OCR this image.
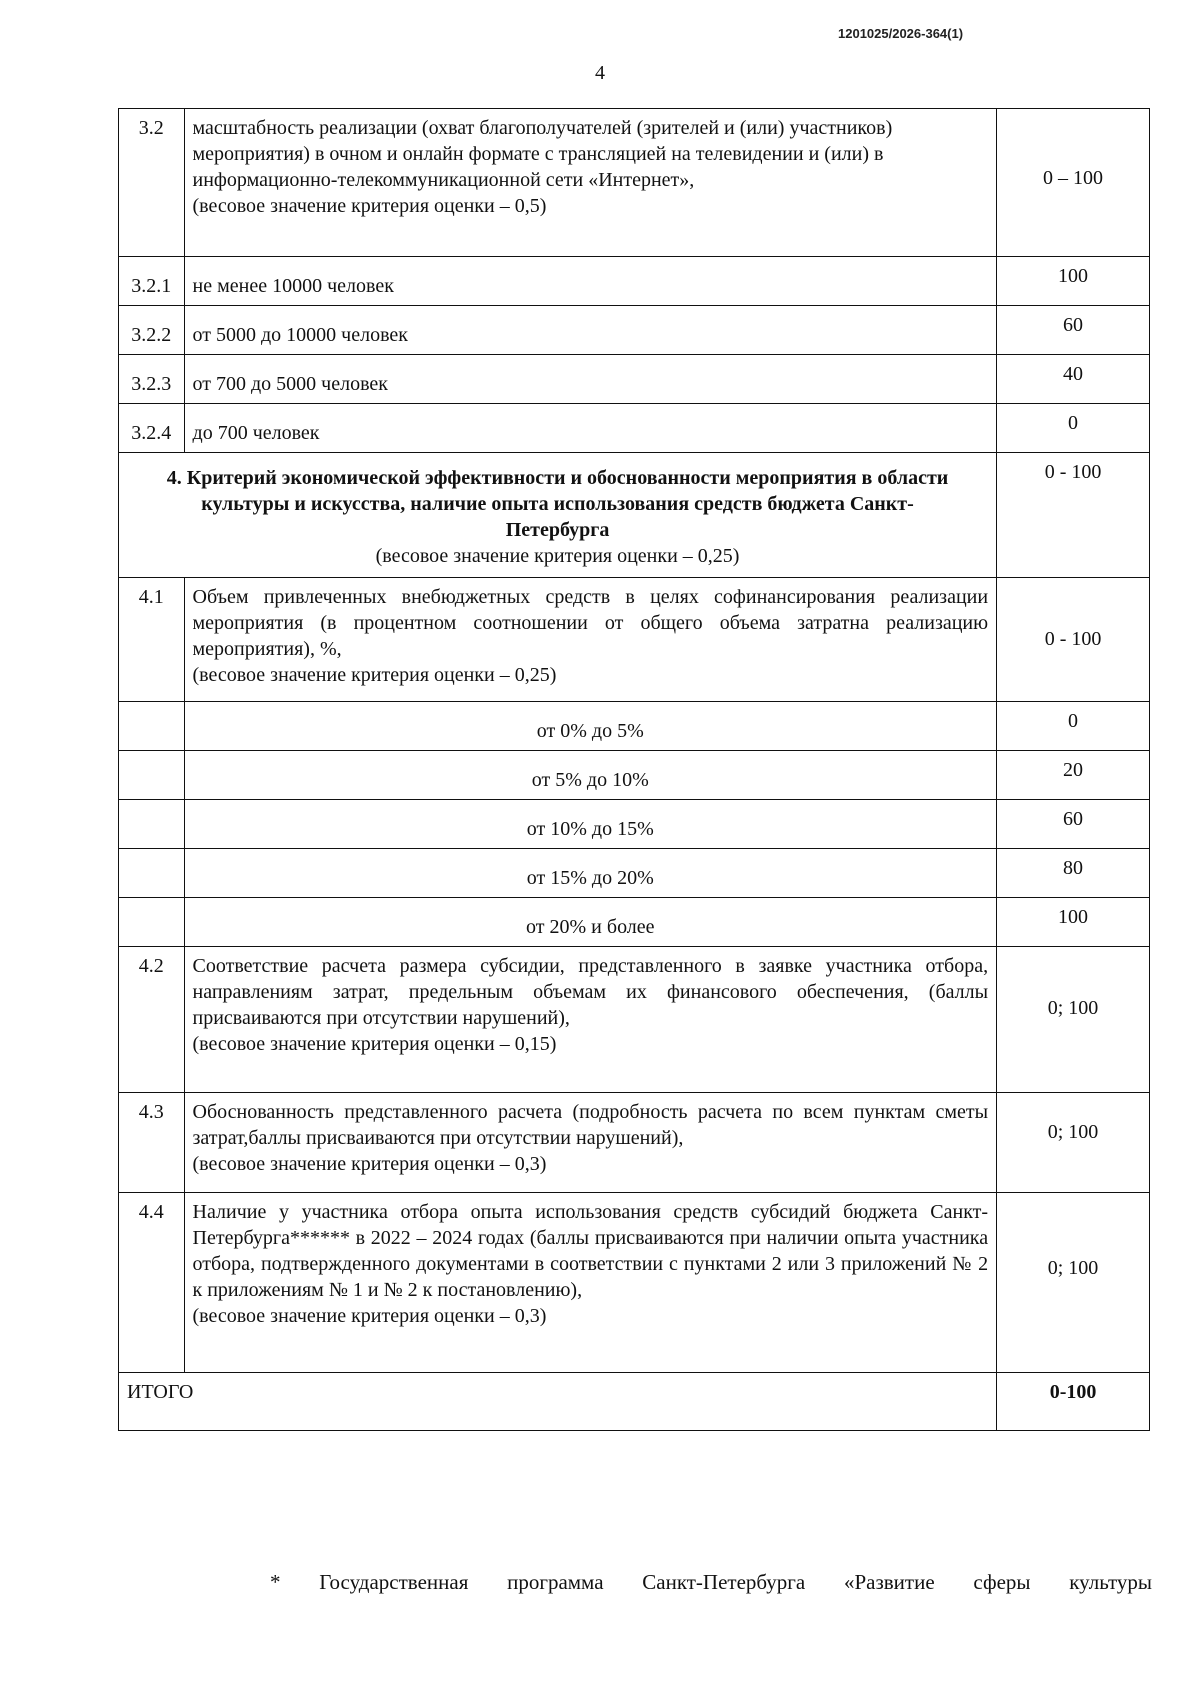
1201025/2026-364(1)
4
3.2	масштабность реализации (охват благополучателей (зрителей и (или) участников) мероприятия) в очном и онлайн формате с трансляцией на телевидении и (или) в информационно-телекоммуникационной сети «Интернет»,
(весовое значение критерия оценки – 0,5)	0 – 100
3.2.1	не менее 10000 человек	100
3.2.2	от 5000 до 10000 человек	60
3.2.3	от 700 до 5000 человек	40
3.2.4	до 700 человек	0

4. Критерий экономической эффективности и обоснованности мероприятия в области культуры и искусства, наличие опыта использования средств бюджета Санкт-Петербурга
(весовое значение критерия оценки – 0,25)		0 - 100
4.1	Объем привлеченных внебюджетных средств в целях софинансирования реализации мероприятия (в процентном соотношении от общего объема затратна реализацию мероприятия), %,
(весовое значение критерия оценки – 0,25)	0 - 100
	от 0% до 5%	0
	от 5% до 10%	20
	от 10% до 15%	60
	от 15% до 20%	80
	от 20% и более	100
4.2	Соответствие расчета размера субсидии, представленного в заявке участника отбора, направлениям затрат, предельным объемам их финансового обеспечения, (баллы присваиваются при отсутствии нарушений),
(весовое значение критерия оценки – 0,15)	0; 100
4.3	Обоснованность представленного расчета (подробность расчета по всем пунктам сметы затрат,баллы присваиваются при отсутствии нарушений),
(весовое значение критерия оценки – 0,3)	0; 100
4.4	Наличие у участника отбора опыта использования средств субсидий бюджета Санкт-Петербурга****** в 2022 – 2024 годах (баллы присваиваются при наличии опыта участника отбора, подтвержденного документами в соответствии с пунктами 2 или 3 приложений № 2 к приложениям № 1 и № 2 к постановлению),
(весовое значение критерия оценки – 0,3)	0; 100
ИТОГО		0-100
* Государственная программа Санкт-Петербурга «Развитие сферы культуры
